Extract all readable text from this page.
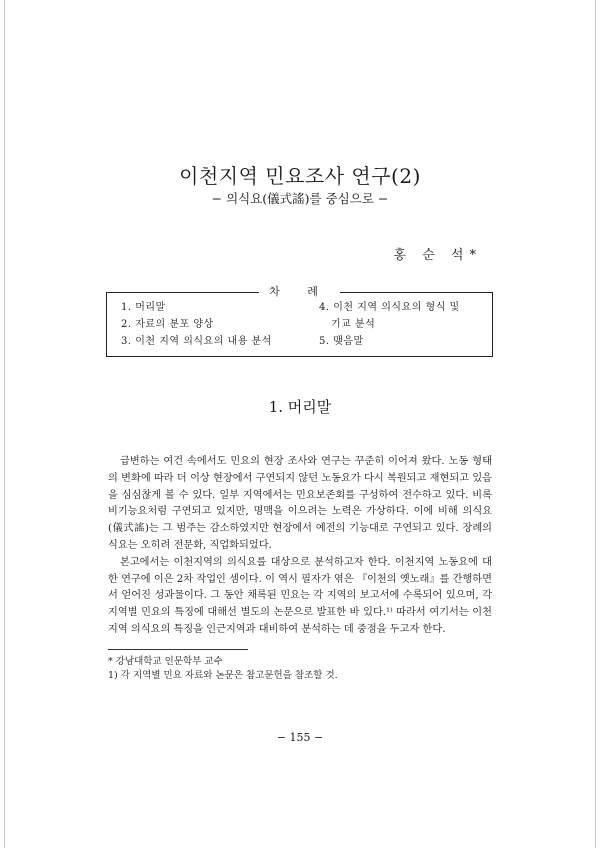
이천지역 민요조사 연구(2)
− 의식요(儀式謠)를 중심으로 −
홍 순 석*
차 례
1. 머리말
2. 자료의 분포 양상
3. 이천 지역 의식요의 내용 분석
4. 이천 지역 의식요의 형식 및
기교 분석
5. 맺음말
1. 머리말

급변하는 여건 속에서도 민요의 현장 조사와 연구는 꾸준히 이어져 왔다. 노동 형태의 변화에 따라 더 이상 현장에서 구연되지 않던 노동요가 다시 복원되고 재현되고 있음을 심심찮게 볼 수 있다. 일부 지역에서는 민요보존회를 구성하여 전수하고 있다. 비록 비기능요처럼 구연되고 있지만, 명맥을 이으려는 노력은 가상하다. 이에 비해 의식요(儀式謠)는 그 범주는 감소하였지만 현장에서 예전의 기능대로 구연되고 있다. 장례의식요는 오히려 전문화, 직업화되었다.

본고에서는 이천지역의 의식요를 대상으로 분석하고자 한다. 이천지역 노동요에 대한 연구에 이은 2차 작업인 셈이다. 이 역시 필자가 엮은 『이천의 옛노래』를 간행하면서 얻어진 성과물이다. 그 동안 채록된 민요는 각 지역의 보고서에 수록되어 있으며, 각 지역별 민요의 특징에 대해선 별도의 논문으로 발표한 바 있다.¹⁾ 따라서 여기서는 이천 지역 의식요의 특징을 인근지역과 대비하여 분석하는 데 중점을 두고자 한다.

* 강남대학교 인문학부 교수
1) 각 지역별 민요 자료와 논문은 참고문헌을 참조할 것.
− 155 −
